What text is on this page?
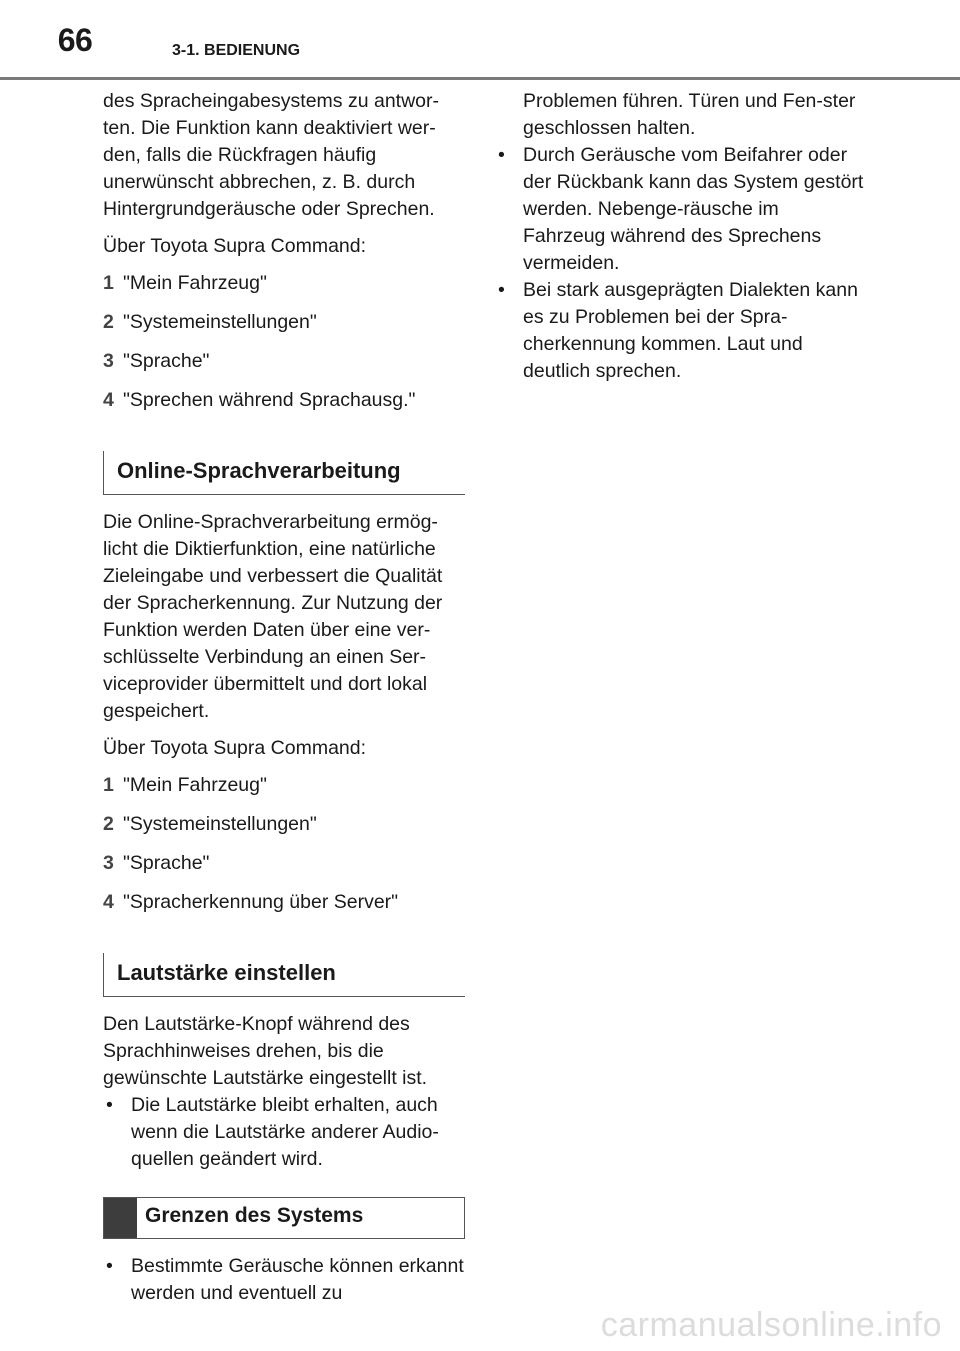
66	3-1. BEDIENUNG

des Spracheingabesystems zu antwor-ten. Die Funktion kann deaktiviert wer-den, falls die Rückfragen häufig unerwünscht abbrechen, z. B. durch Hintergrundgeräusche oder Sprechen.

Über Toyota Supra Command:

1 "Mein Fahrzeug"
2 "Systemeinstellungen"
3 "Sprache"
4 "Sprechen während Sprachausg."
Online-Sprachverarbeitung

Die Online-Sprachverarbeitung ermög-licht die Diktierfunktion, eine natürliche Zieleingabe und verbessert die Qualität der Spracherkennung. Zur Nutzung der Funktion werden Daten über eine ver-schlüsselte Verbindung an einen Ser-viceprovider übermittelt und dort lokal gespeichert.

Über Toyota Supra Command:

1 "Mein Fahrzeug"
2 "Systemeinstellungen"
3 "Sprache"
4 "Spracherkennung über Server"
Lautstärke einstellen

Den Lautstärke-Knopf während des Sprachhinweises drehen, bis die gewünschte Lautstärke eingestellt ist.

• Die Lautstärke bleibt erhalten, auch wenn die Lautstärke anderer Audio-quellen geändert wird.
Grenzen des Systems
• Bestimmte Geräusche können erkannt werden und eventuell zu

Problemen führen. Türen und Fen-ster geschlossen halten.

• Durch Geräusche vom Beifahrer oder der Rückbank kann das System gestört werden. Nebenge-räusche im Fahrzeug während des Sprechens vermeiden.
• Bei stark ausgeprägten Dialekten kann es zu Problemen bei der Spra-cherkennung kommen. Laut und deutlich sprechen.
carmanualsonline.info
